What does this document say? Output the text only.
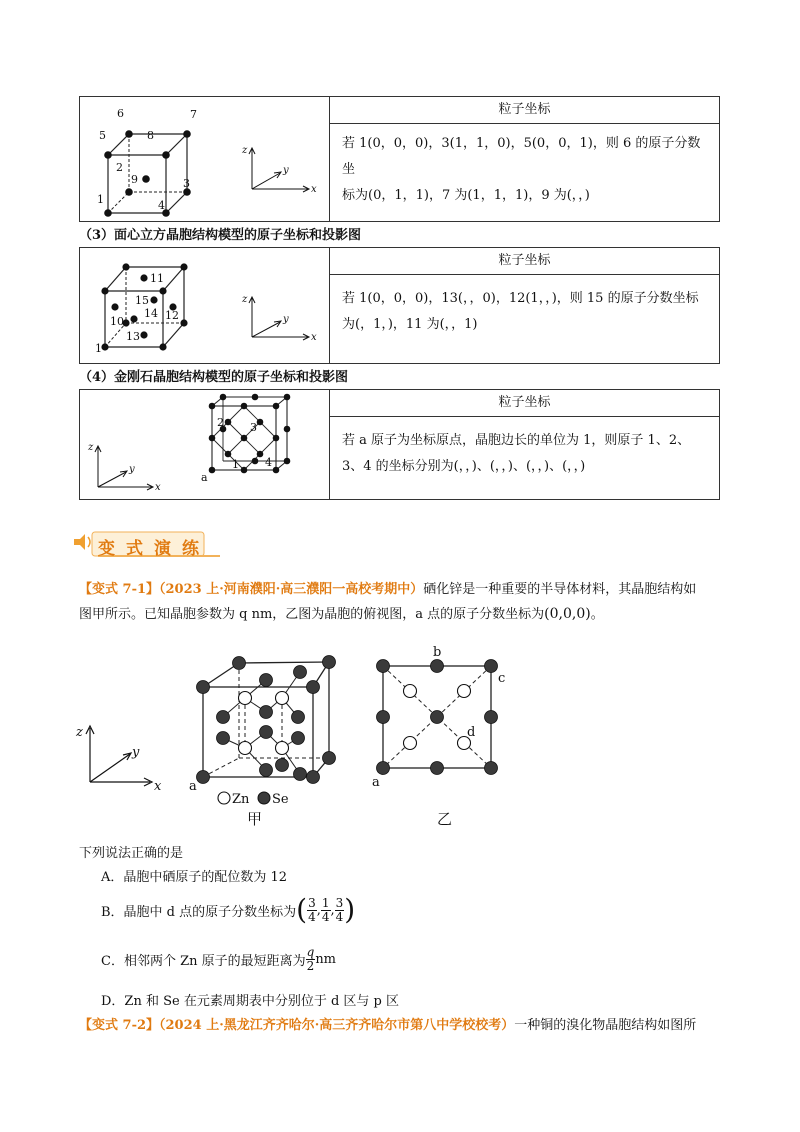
6	7
5	8
2
9
1
3
4
z
y
x
粒子坐标
若 1(0，0，0)，3(1，1，0)，5(0，0，1)，则 6 的原子分数坐
标为(0，1，1)，7 为(1，1，1)，9 为(，，)
（3）面心立方晶胞结构模型的原子坐标和投影图
11
15
14 12
10
13
1
z
y
x
粒子坐标
若 1(0，0，0)，13(，，0)，12(1，，)，则 15 的原子分数坐标
为(，1，)，11 为(，，1)
（4）金刚石晶胞结构模型的原子坐标和投影图
z
y
x
2 3
1 4
a
粒子坐标
若 a 原子为坐标原点，晶胞边长的单位为 1，则原子 1、2、
3、4 的坐标分别为(，，)、(，，)、(，，)、(，，)
变式演练
【变式 7-1】（2023 上·河南濮阳·高三濮阳一高校考期中）硒化锌是一种重要的半导体材料，其晶胞结构如
图甲所示。已知晶胞参数为 q nm，乙图为晶胞的俯视图，a 点的原子分数坐标为(0,0,0)。
z
y
x a
Zn Se
甲
b
c
d
a
乙
下列说法正确的是
A．晶胞中硒原子的配位数为 12
B．晶胞中 d 点的原子分数坐标为 ( $\frac{3}{4}$ , $\frac{1}{4}$ , $\frac{3}{4}$ )
C．相邻两个 Zn 原子的最短距离为 $\frac{q}{2}$ nm
D．Zn 和 Se 在元素周期表中分别位于 d 区与 p 区
【变式 7-2】（2024 上·黑龙江齐齐哈尔·高三齐齐哈尔市第八中学校校考）一种铜的溴化物晶胞结构如图所
